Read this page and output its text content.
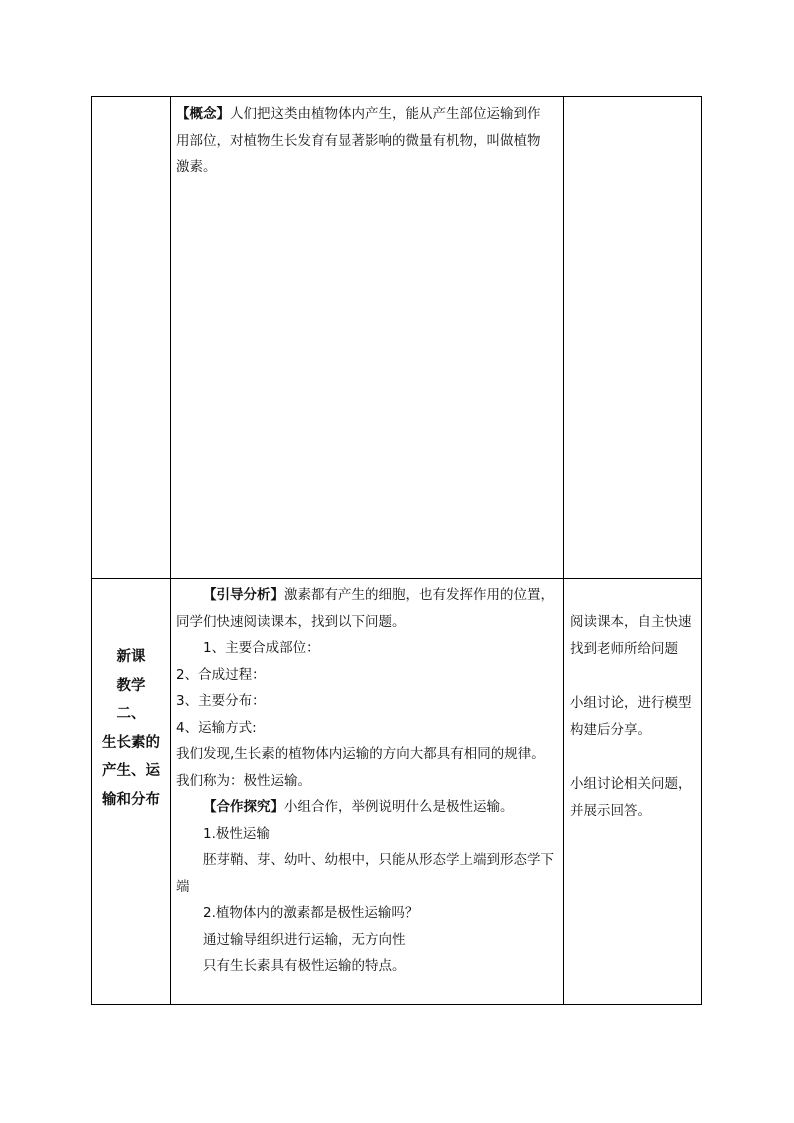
【概念】人们把这类由植物体内产生，能从产生部位运输到作

用部位，对植物生长发育有显著影响的微量有机物，叫做植物

激素。

新课
教学
二、
生长素的
产生、运
输和分布

【引导分析】激素都有产生的细胞，也有发挥作用的位置，

同学们快速阅读课本，找到以下问题。

1、主要合成部位：

2、合成过程：

3、主要分布：

4、运输方式:

我们发现,生长素的植物体内运输的方向大都具有相同的规律。

我们称为：极性运输。

【合作探究】小组合作，举例说明什么是极性运输。

1.极性运输

胚芽鞘、芽、幼叶、幼根中，只能从形态学上端到形态学下

端

2.植物体内的激素都是极性运输吗？

通过输导组织进行运输，无方向性

只有生长素具有极性运输的特点。

阅读课本，自主快速

找到老师所给问题

小组讨论，进行模型

构建后分享。

小组讨论相关问题，

并展示回答。
